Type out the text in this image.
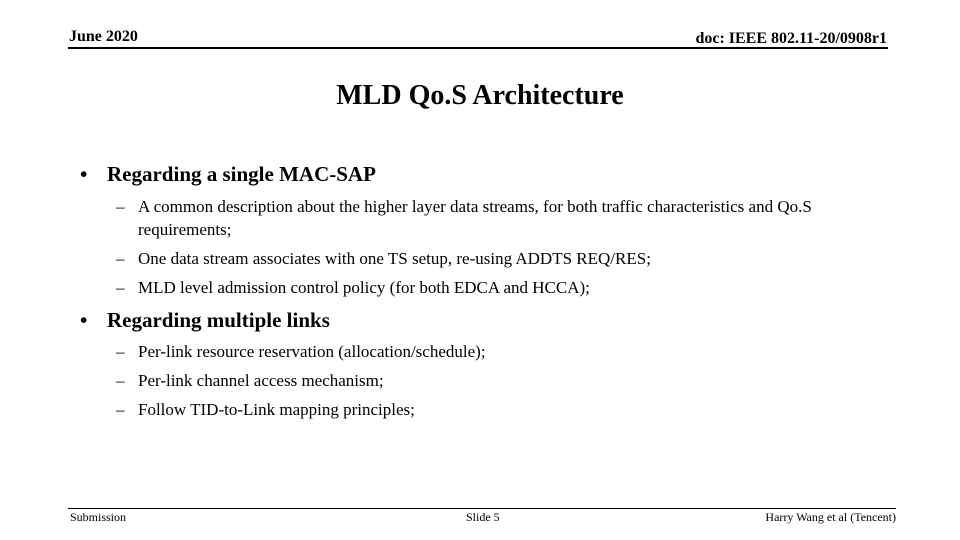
June 2020	doc: IEEE 802.11-20/0908r1
MLD Qo.S Architecture
• Regarding a single MAC-SAP
– A common description about the higher layer data streams, for both traffic characteristics and Qo.S requirements;
– One data stream associates with one TS setup, re-using ADDTS REQ/RES;
– MLD level admission control policy (for both EDCA and HCCA);
• Regarding multiple links
– Per-link resource reservation (allocation/schedule);
– Per-link channel access mechanism;
– Follow TID-to-Link mapping principles;
Submission	Slide 5	Harry Wang et al (Tencent)
